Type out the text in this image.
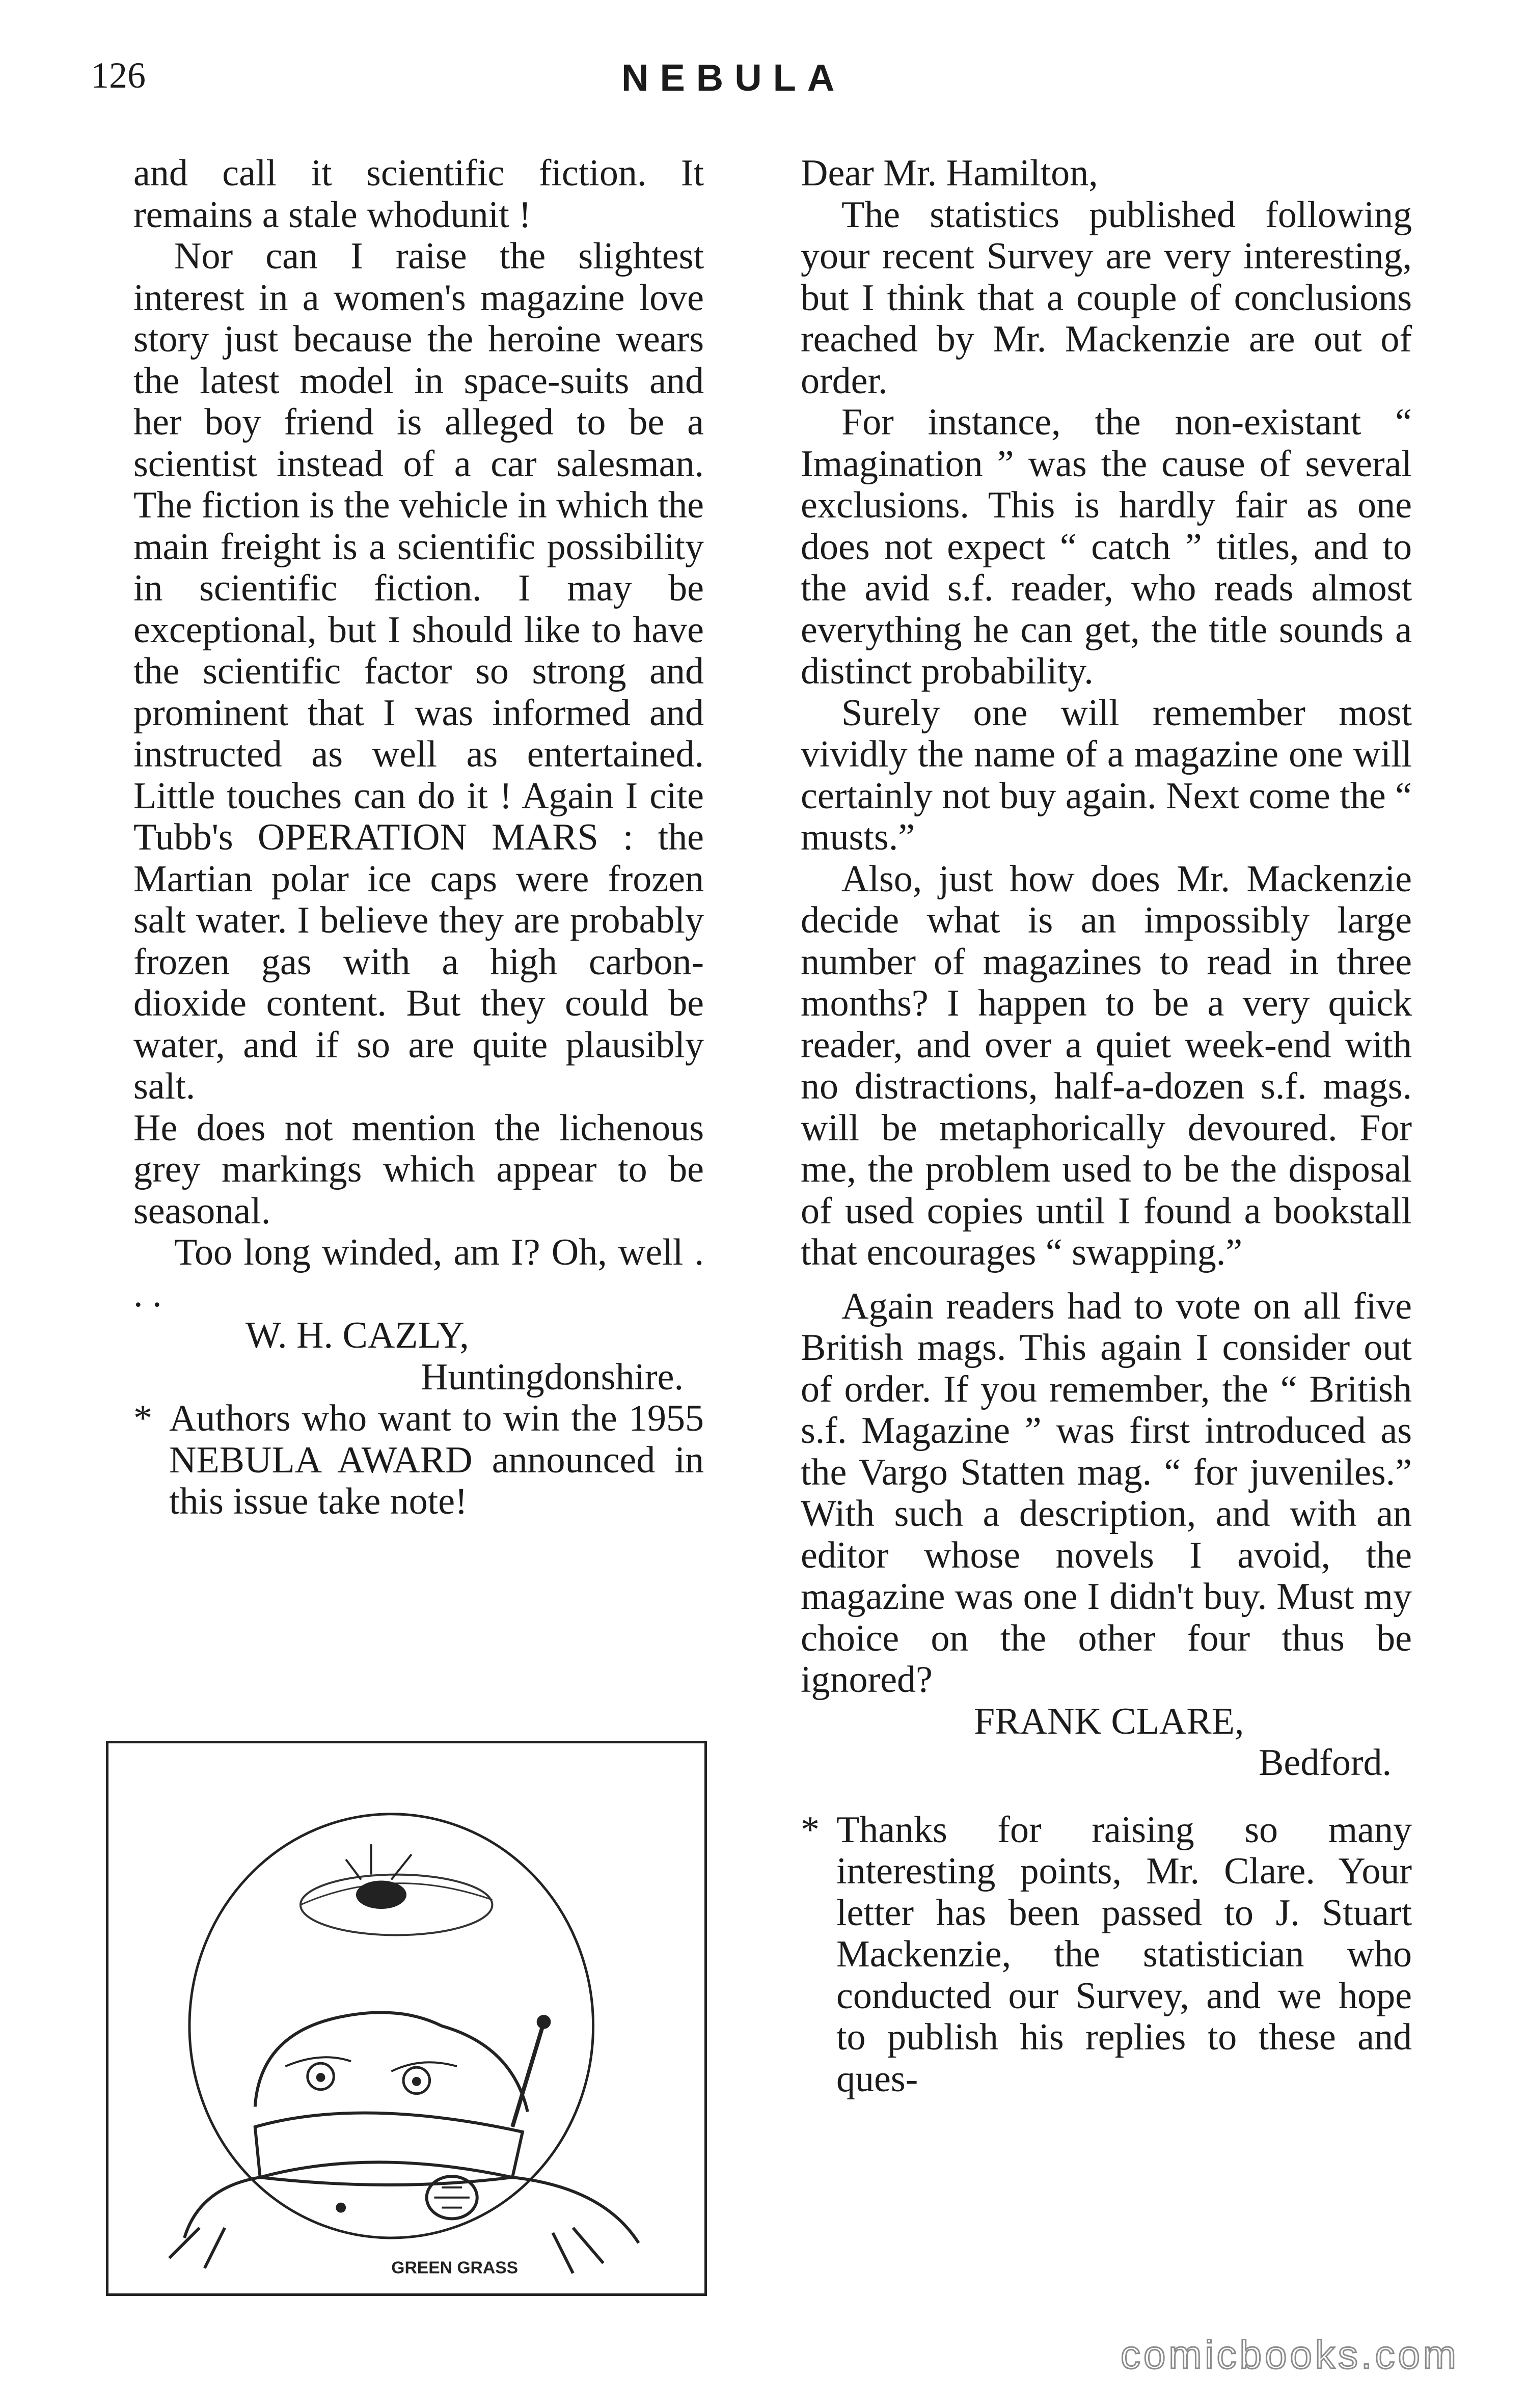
126	NEBULA

and call it scientific fiction. It remains a stale whodunit !

Nor can I raise the slightest interest in a women's magazine love story just because the heroine wears the latest model in space-suits and her boy friend is alleged to be a scientist instead of a car salesman. The fiction is the vehicle in which the main freight is a scientific possibility in scientific fiction. I may be exceptional, but I should like to have the scientific factor so strong and prominent that I was informed and instructed as well as entertained. Little touches can do it ! Again I cite Tubb's OPERATION MARS : the Martian polar ice caps were frozen salt water. I believe they are probably frozen gas with a high carbon-dioxide content. But they could be water, and if so are quite plausibly salt.

He does not mention the lichenous grey markings which appear to be seasonal.

Too long winded, am I? Oh, well . . .

W. H. CAZLY,
Huntingdonshire.
* Authors who want to win the 1955 NEBULA AWARD announced in this issue take note!
GREEN GRASS

Dear Mr. Hamilton,

The statistics published following your recent Survey are very interesting, but I think that a couple of conclusions reached by Mr. Mackenzie are out of order.

For instance, the non-existant “ Imagination ” was the cause of several exclusions. This is hardly fair as one does not expect “ catch ” titles, and to the avid s.f. reader, who reads almost everything he can get, the title sounds a distinct probability.

Surely one will remember most vividly the name of a magazine one will certainly not buy again. Next come the “ musts.”

Also, just how does Mr. Mackenzie decide what is an impossibly large number of magazines to read in three months? I happen to be a very quick reader, and over a quiet week-end with no distractions, half-a-dozen s.f. mags. will be metaphorically devoured. For me, the problem used to be the disposal of used copies until I found a bookstall that encourages “ swapping.”

Again readers had to vote on all five British mags. This again I consider out of order. If you remember, the “ British s.f. Magazine ” was first introduced as the Vargo Statten mag. “ for juveniles.” With such a description, and with an editor whose novels I avoid, the magazine was one I didn't buy. Must my choice on the other four thus be ignored?

FRANK CLARE,
Bedford.
* Thanks for raising so many interesting points, Mr. Clare. Your letter has been passed to J. Stuart Mackenzie, the statistician who conducted our Survey, and we hope to publish his replies to these and ques-
comicbooks.com
